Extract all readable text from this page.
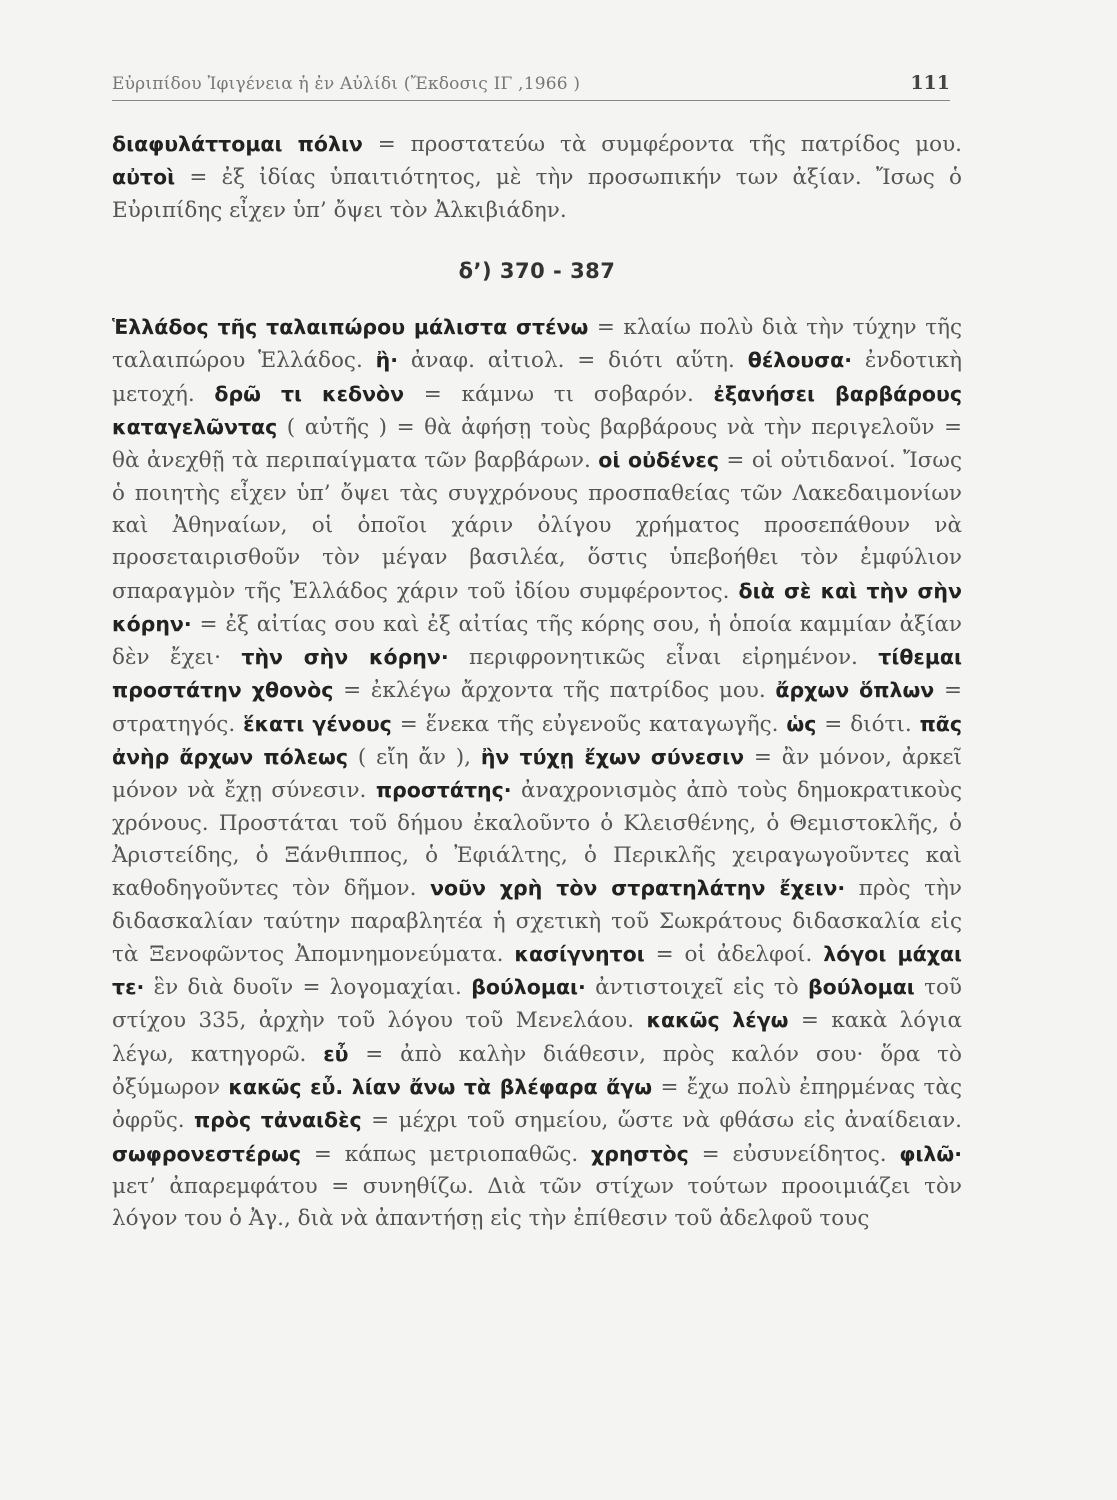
Εὐριπίδου Ἰφιγένεια ἡ ἐν Αὐλίδι (Ἔκδοσις ΙΓ ,1966 )	111

διαφυλάττομαι πόλιν = προστατεύω τὰ συμφέροντα τῆς πατρίδος μου. αὐτοὶ = ἐξ ἰδίας ὑπαιτιότητος, μὲ τὴν προσωπικήν των ἀξίαν. Ἴσως ὁ Εὐριπίδης εἶχεν ὑπ’ ὄψει τὸν Ἀλκιβιάδην.

δ’) 370 - 387

Ἑλλάδος τῆς ταλαιπώρου μάλιστα στένω = κλαίω πολὺ διὰ τὴν τύχην τῆς ταλαιπώρου Ἑλλάδος. ἢ· ἀναφ. αἰτιολ. = διότι αὕτη. θέλουσα· ἐνδοτικὴ μετοχή. δρῶ τι κεδνὸν = κάμνω τι σοβαρόν. ἐξανήσει βαρβάρους καταγελῶντας ( αὐτῆς ) = θὰ ἀφήσῃ τοὺς βαρβάρους νὰ τὴν περιγελοῦν = θὰ ἀνεχθῇ τὰ περιπαίγματα τῶν βαρβάρων. οἱ οὐδένες = οἱ οὐτιδανοί. Ἴσως ὁ ποιητὴς εἶχεν ὑπ’ ὄψει τὰς συγχρόνους προσπαθείας τῶν Λακεδαιμονίων καὶ Ἀθηναίων, οἱ ὁποῖοι χάριν ὀλίγου χρήματος προσεπάθουν νὰ προσεταιρισθοῦν τὸν μέγαν βασιλέα, ὅστις ὑπεβοήθει τὸν ἐμφύλιον σπαραγμὸν τῆς Ἑλλάδος χάριν τοῦ ἰδίου συμφέροντος. διὰ σὲ καὶ τὴν σὴν κόρην· = ἐξ αἰτίας σου καὶ ἐξ αἰτίας τῆς κόρης σου, ἡ ὁποία καμμίαν ἀξίαν δὲν ἔχει· τὴν σὴν κόρην· περιφρονητικῶς εἶναι εἰρημένον. τίθεμαι προστάτην χθονὸς = ἐκλέγω ἄρχοντα τῆς πατρίδος μου. ἄρχων ὅπλων = στρατηγός. ἕκατι γένους = ἕνεκα τῆς εὐγενοῦς καταγωγῆς. ὡς = διότι. πᾶς ἀνὴρ ἄρχων πόλεως ( εἴη ἄν ), ἢν τύχῃ ἔχων σύνεσιν = ἂν μόνον, ἀρκεῖ μόνον νὰ ἔχῃ σύνεσιν. προστάτης· ἀναχρονισμὸς ἀπὸ τοὺς δημοκρατικοὺς χρόνους. Προστάται τοῦ δήμου ἐκαλοῦντο ὁ Κλεισθένης, ὁ Θεμιστοκλῆς, ὁ Ἀριστείδης, ὁ Ξάνθιππος, ὁ Ἐφιάλτης, ὁ Περικλῆς χειραγωγοῦντες καὶ καθοδηγοῦντες τὸν δῆμον. νοῦν χρὴ τὸν στρατηλάτην ἔχειν· πρὸς τὴν διδασκαλίαν ταύτην παραβλητέα ἡ σχετικὴ τοῦ Σωκράτους διδασκαλία εἰς τὰ Ξενοφῶντος Ἀπομνημονεύματα. κασίγνητοι = οἱ ἀδελφοί. λόγοι μάχαι τε· ἓν διὰ δυοῖν = λογομαχίαι. βούλομαι· ἀντιστοιχεῖ εἰς τὸ βούλομαι τοῦ στίχου 335, ἀρχὴν τοῦ λόγου τοῦ Μενελάου. κακῶς λέγω = κακὰ λόγια λέγω, κατηγορῶ. εὖ = ἀπὸ καλὴν διάθεσιν, πρὸς καλόν σου· ὅρα τὸ ὀξύμωρον κακῶς εὖ. λίαν ἄνω τὰ βλέφαρα ἄγω = ἔχω πολὺ ἐπηρμένας τὰς ὀφρῦς. πρὸς τἀναιδὲς = μέχρι τοῦ σημείου, ὥστε νὰ φθάσω εἰς ἀναίδειαν. σωφρονεστέρως = κάπως μετριοπαθῶς. χρηστὸς = εὐσυνείδητος. φιλῶ· μετ’ ἀπαρεμφάτου = συνηθίζω. Διὰ τῶν στίχων τούτων προοιμιάζει τὸν λόγον του ὁ Ἀγ., διὰ νὰ ἀπαντήσῃ εἰς τὴν ἐπίθεσιν τοῦ ἀδελφοῦ τους
